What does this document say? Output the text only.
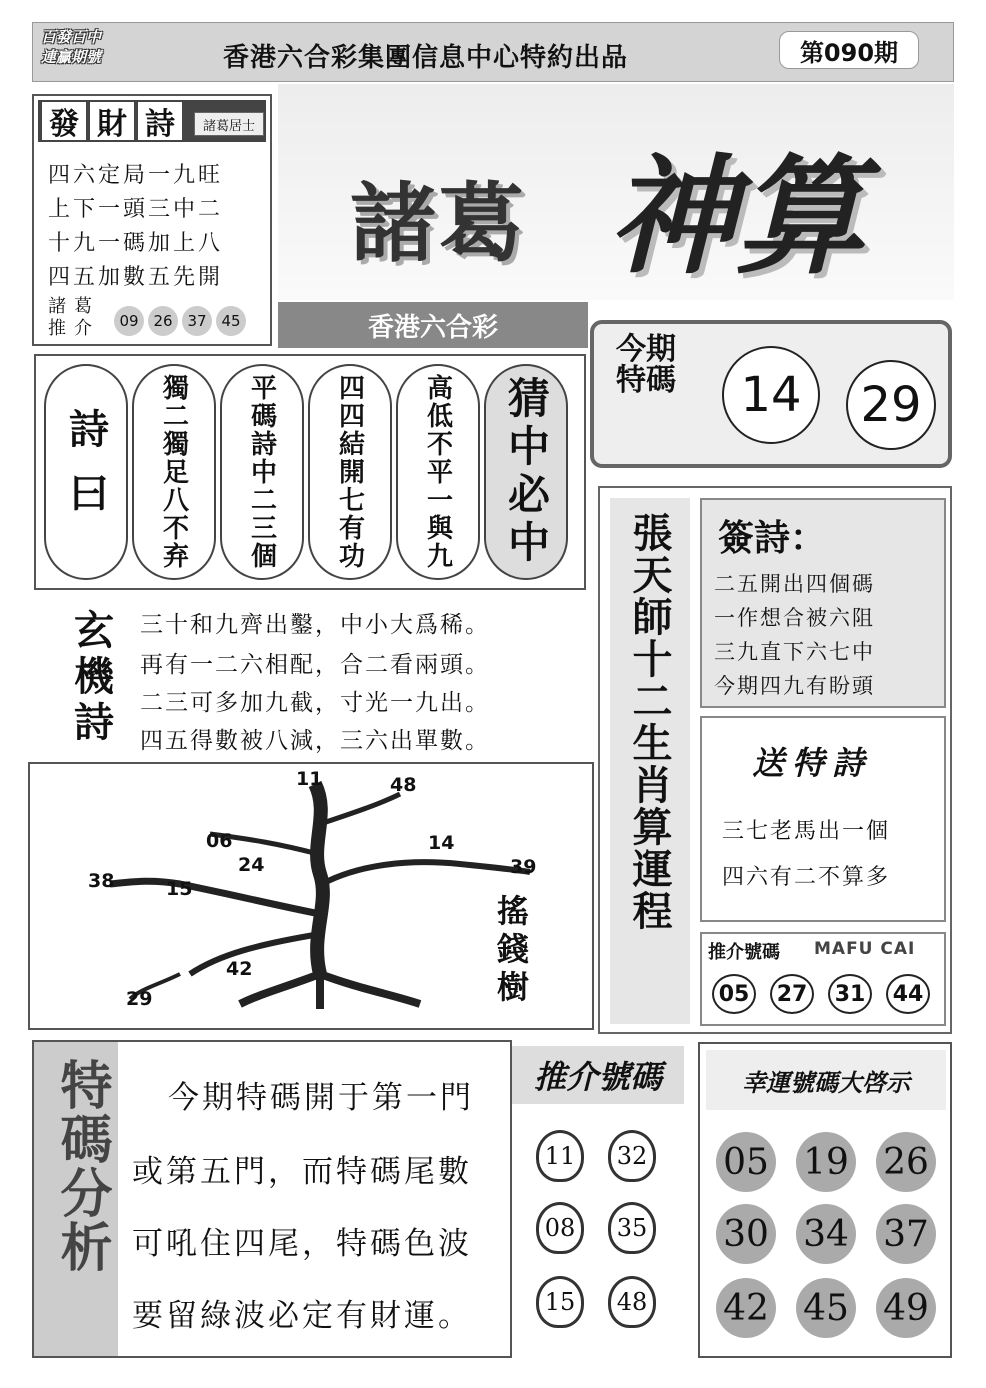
百發百中
連贏期號	香港六合彩集團信息中心特約出品	第090期
發 財 詩	諸葛居士
四六定局一九旺
上下一頭三中二
十九一碼加上八
四五加數五先開
諸葛
推介	09 26 37 45
諸葛 神算
香港六合彩
今期特碼	14	29
詩曰 獨二獨足八不弃 平碼詩中二三個 四四結開七有功 高低不平一與九 猜中必中
玄機詩
三十和九齊出鑿，中小大爲稀。
再有一二六相配，合二看兩頭。
二三可多加九截，寸光一九出。
四五得數被八減，三六出單數。
11	48
06
24
14
39
38	15
42
29	搖錢樹
張天師十二生肖算運程 簽詩：
二五開出四個碼
一作想合被六阻
三九直下六七中
今期四九有盼頭
送特詩
三七老馬出一個
四六有二不算多
推介號碼 MAFU CAI
05	27	31	44
特碼分析 今期特碼開于第一門
或第五門，而特碼尾數
可吼住四尾，特碼色波
要留綠波必定有財運。
推介號碼
11	32
08	35
15	48
幸運號碼大啓示
05 19 26
30 34 37
42 45 49
